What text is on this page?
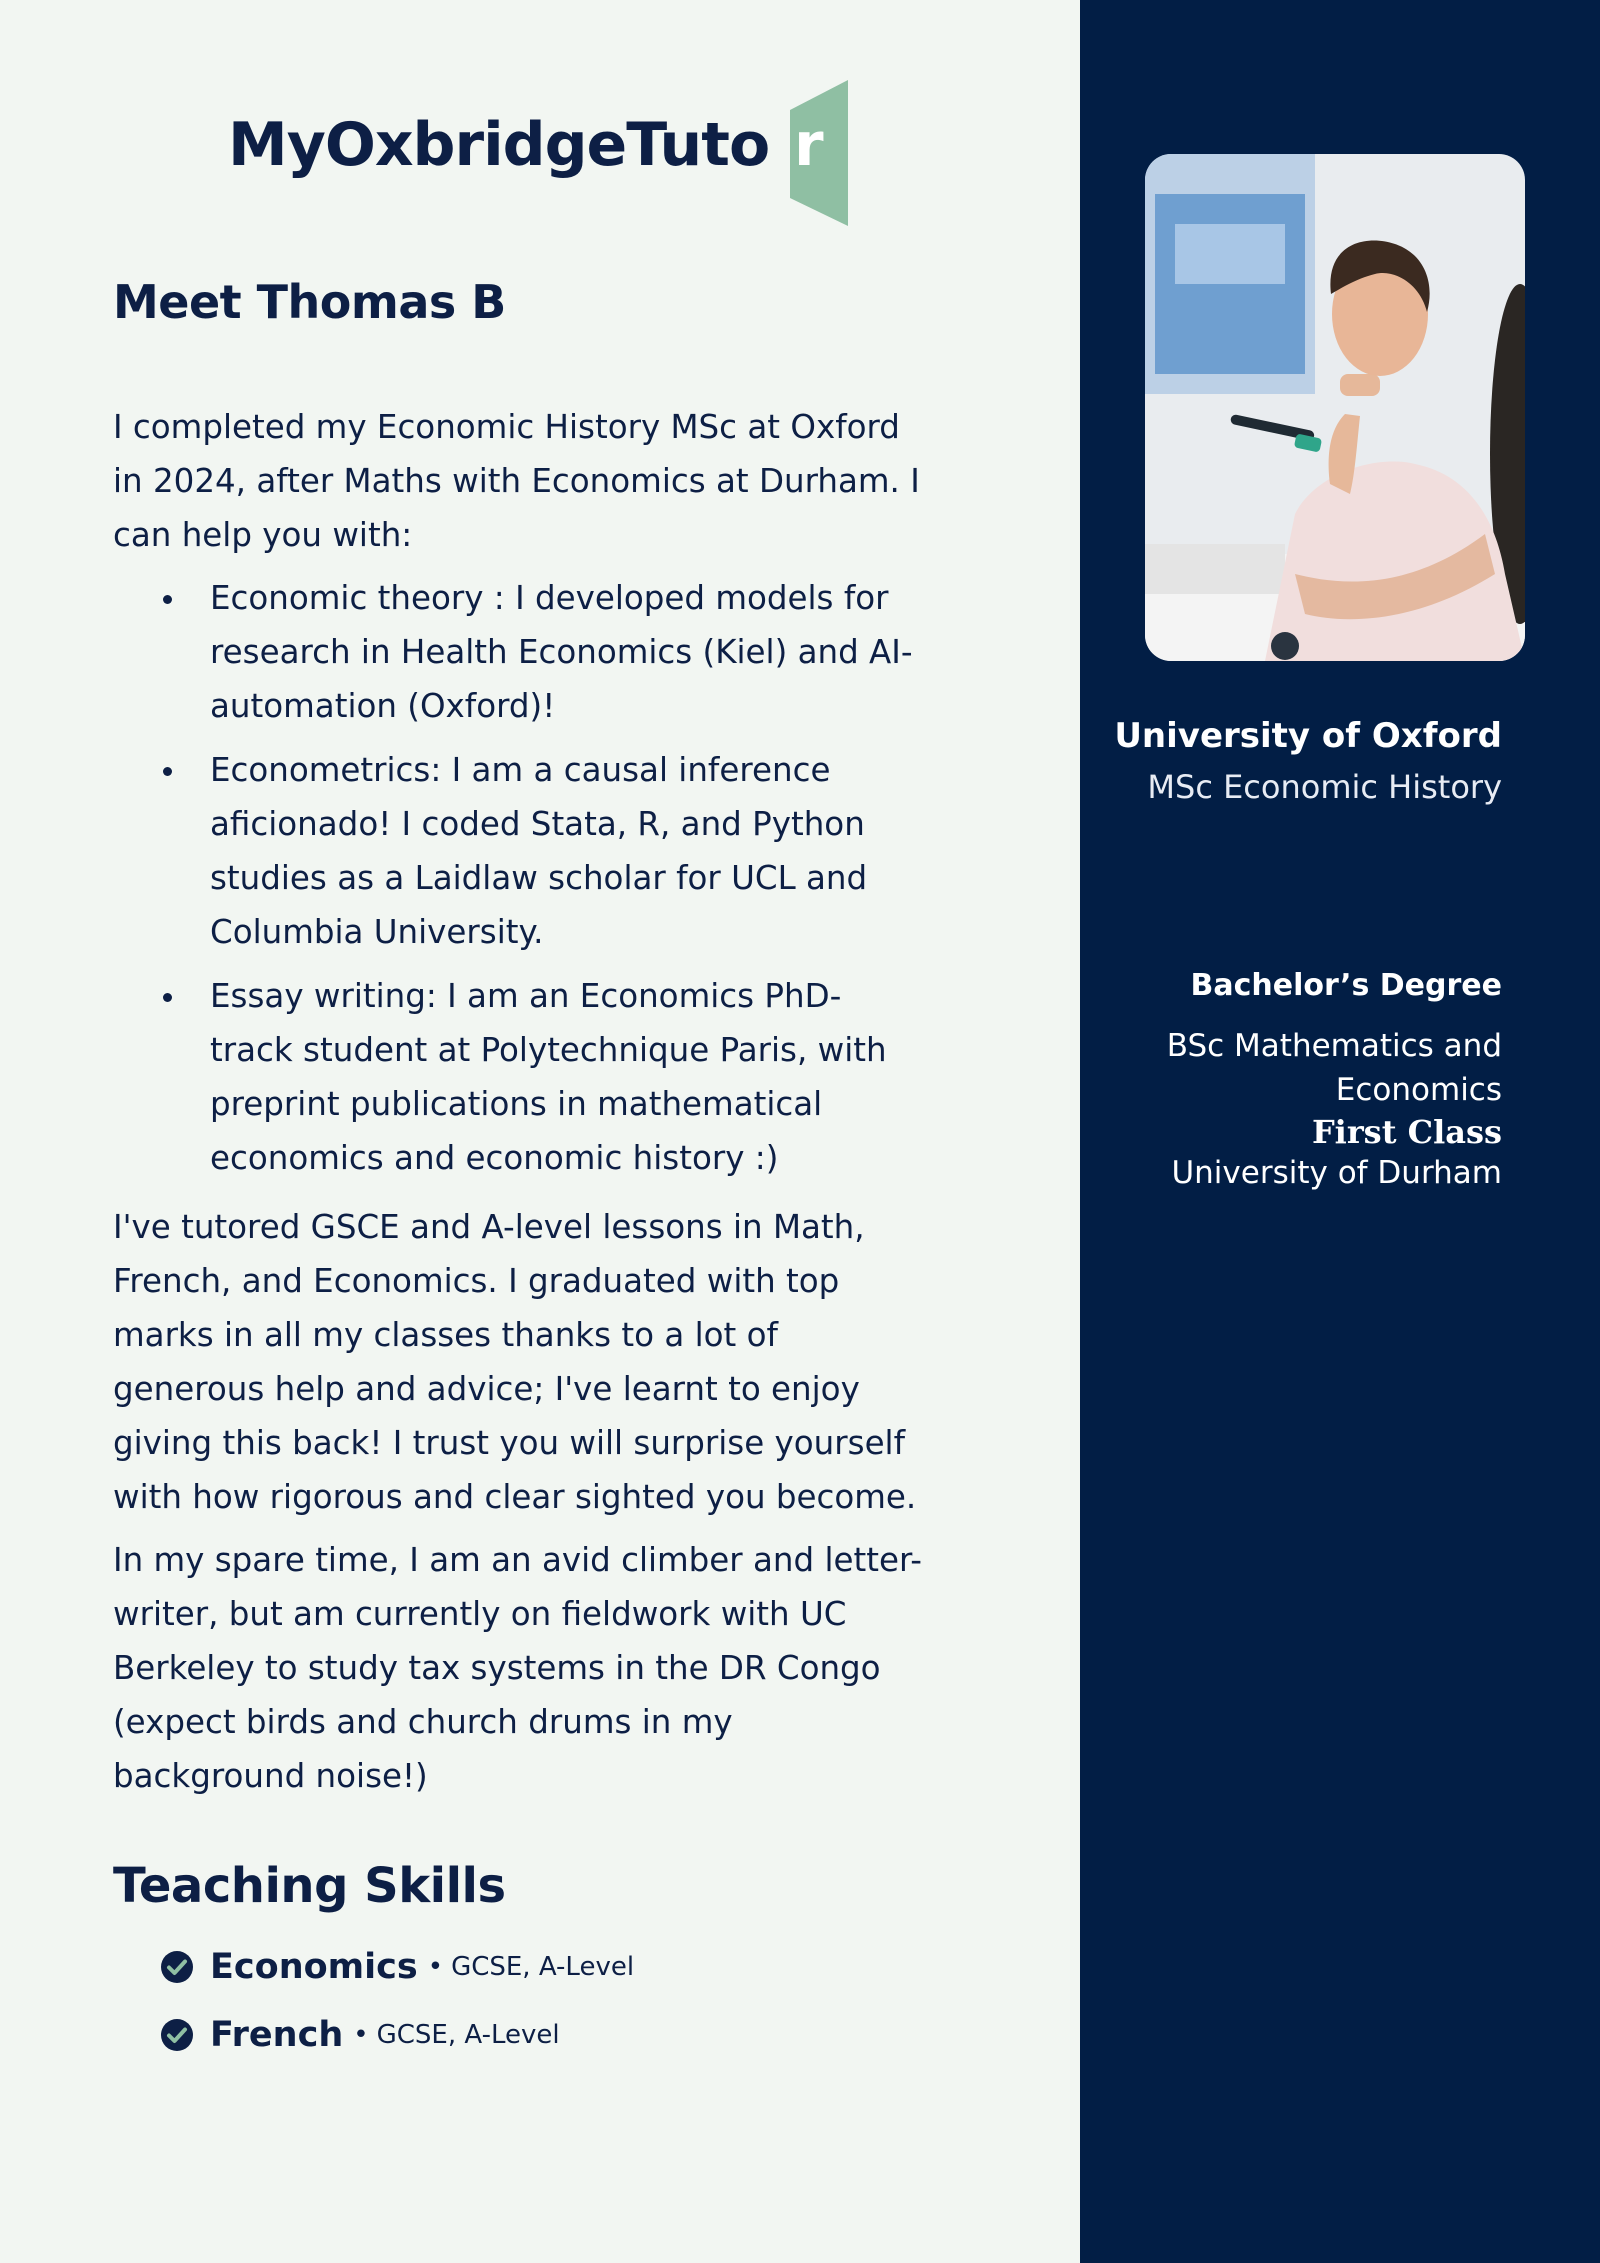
MyOxbridgeTuto r
Meet Thomas B

I completed my Economic History MSc at Oxford in 2024, after Maths with Economics at Durham. I can help you with:

Economic theory : I developed models for research in Health Economics (Kiel) and AI-automation (Oxford)!
Econometrics: I am a causal inference aficionado! I coded Stata, R, and Python studies as a Laidlaw scholar for UCL and Columbia University.
Essay writing: I am an Economics PhD-track student at Polytechnique Paris, with preprint publications in mathematical economics and economic history :)

I've tutored GSCE and A-level lessons in Math, French, and Economics. I graduated with top marks in all my classes thanks to a lot of generous help and advice; I've learnt to enjoy giving this back! I trust you will surprise yourself with how rigorous and clear sighted you become.

In my spare time, I am an avid climber and letter-writer, but am currently on fieldwork with UC Berkeley to study tax systems in the DR Congo (expect birds and church drums in my background noise!)

Teaching Skills
Economics • GCSE, A-Level
French • GCSE, A-Level
University of Oxford
MSc Economic History
Bachelor’s Degree
BSc Mathematics and Economics
First Class
University of Durham
